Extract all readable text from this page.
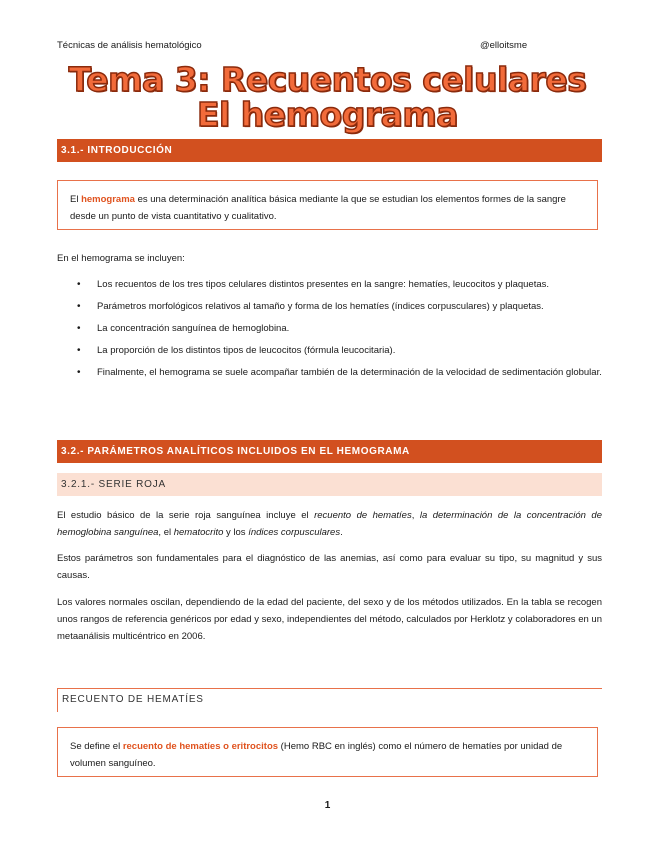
Técnicas de análisis hematológico	@elloitsme
Tema 3: Recuentos celulares
El hemograma
3.1.- INTRODUCCIÓN
El hemograma es una determinación analítica básica mediante la que se estudian los elementos formes de la sangre desde un punto de vista cuantitativo y cualitativo.

En el hemograma se incluyen:

• Los recuentos de los tres tipos celulares distintos presentes en la sangre: hematíes, leucocitos y plaquetas.
• Parámetros morfológicos relativos al tamaño y forma de los hematíes (índices corpusculares) y plaquetas.
• La concentración sanguínea de hemoglobina.
• La proporción de los distintos tipos de leucocitos (fórmula leucocitaria).
• Finalmente, el hemograma se suele acompañar también de la determinación de la velocidad de sedimentación globular.
3.2.- PARÁMETROS ANALÍTICOS INCLUIDOS EN EL HEMOGRAMA
3.2.1.- SERIE ROJA

El estudio básico de la serie roja sanguínea incluye el recuento de hematíes, la determinación de la concentración de hemoglobina sanguínea, el hematocrito y los índices corpusculares.

Estos parámetros son fundamentales para el diagnóstico de las anemias, así como para evaluar su tipo, su magnitud y sus causas.

Los valores normales oscilan, dependiendo de la edad del paciente, del sexo y de los métodos utilizados. En la tabla se recogen unos rangos de referencia genéricos por edad y sexo, independientes del método, calculados por Herklotz y colaboradores en un metaanálisis multicéntrico en 2006.

RECUENTO DE HEMATÍES
Se define el recuento de hematíes o eritrocitos (Hemo RBC en inglés) como el número de hematíes por unidad de volumen sanguíneo.
1
